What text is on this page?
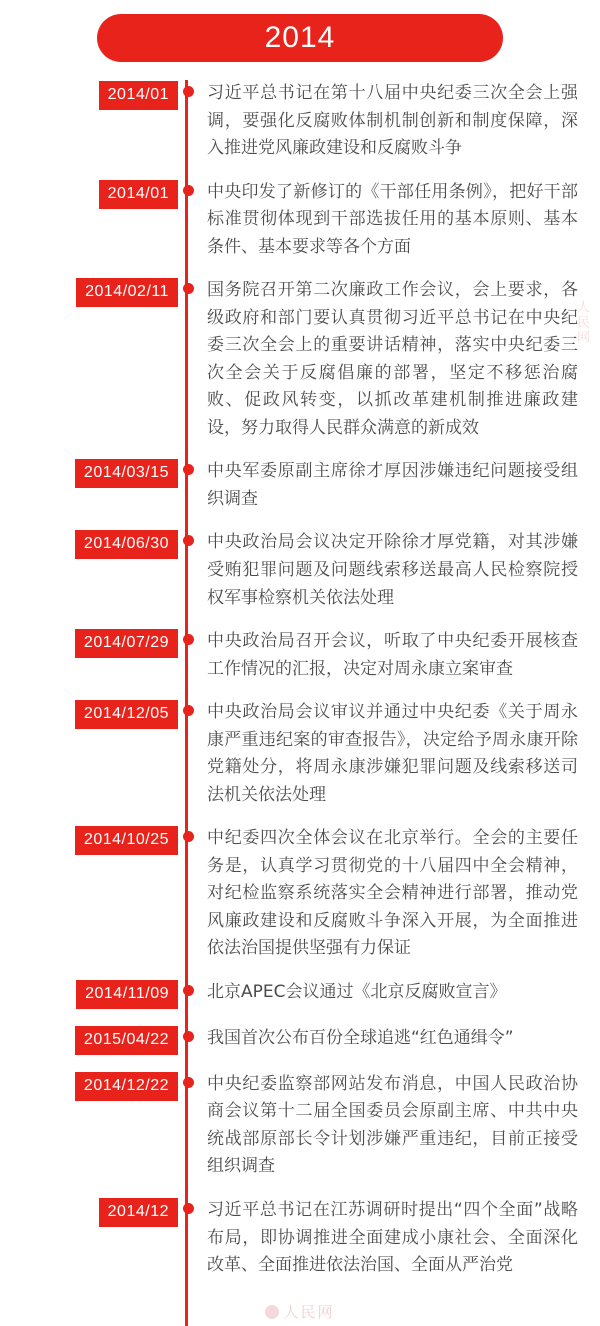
2014
2014/01	习近平总书记在第十八届中央纪委三次全会上强调，要强化反腐败体制机制创新和制度保障，深入推进党风廉政建设和反腐败斗争
2014/01	中央印发了新修订的《干部任用条例》，把好干部标准贯彻体现到干部选拔任用的基本原则、基本条件、基本要求等各个方面
2014/02/11	国务院召开第二次廉政工作会议，会上要求，各级政府和部门要认真贯彻习近平总书记在中央纪委三次全会上的重要讲话精神，落实中央纪委三次全会关于反腐倡廉的部署，坚定不移惩治腐败、促政风转变，以抓改革建机制推进廉政建设，努力取得人民群众满意的新成效
2014/03/15	中央军委原副主席徐才厚因涉嫌违纪问题接受组织调查
2014/06/30	中央政治局会议决定开除徐才厚党籍，对其涉嫌受贿犯罪问题及问题线索移送最高人民检察院授权军事检察机关依法处理
2014/07/29	中央政治局召开会议，听取了中央纪委开展核查工作情况的汇报，决定对周永康立案审查
2014/12/05	中央政治局会议审议并通过中央纪委《关于周永康严重违纪案的审查报告》，决定给予周永康开除党籍处分，将周永康涉嫌犯罪问题及线索移送司法机关依法处理
2014/10/25	中纪委四次全体会议在北京举行。全会的主要任务是，认真学习贯彻党的十八届四中全会精神，对纪检监察系统落实全会精神进行部署，推动党风廉政建设和反腐败斗争深入开展，为全面推进依法治国提供坚强有力保证
2014/11/09	北京APEC会议通过《北京反腐败宣言》
2015/04/22	我国首次公布百份全球追逃“红色通缉令”
2014/12/22	中央纪委监察部网站发布消息，中国人民政治协商会议第十二届全国委员会原副主席、中共中央统战部原部长令计划涉嫌严重违纪，目前正接受组织调查
2014/12	习近平总书记在江苏调研时提出“四个全面”战略布局，即协调推进全面建成小康社会、全面深化改革、全面推进依法治国、全面从严治党
人民网
人民网
